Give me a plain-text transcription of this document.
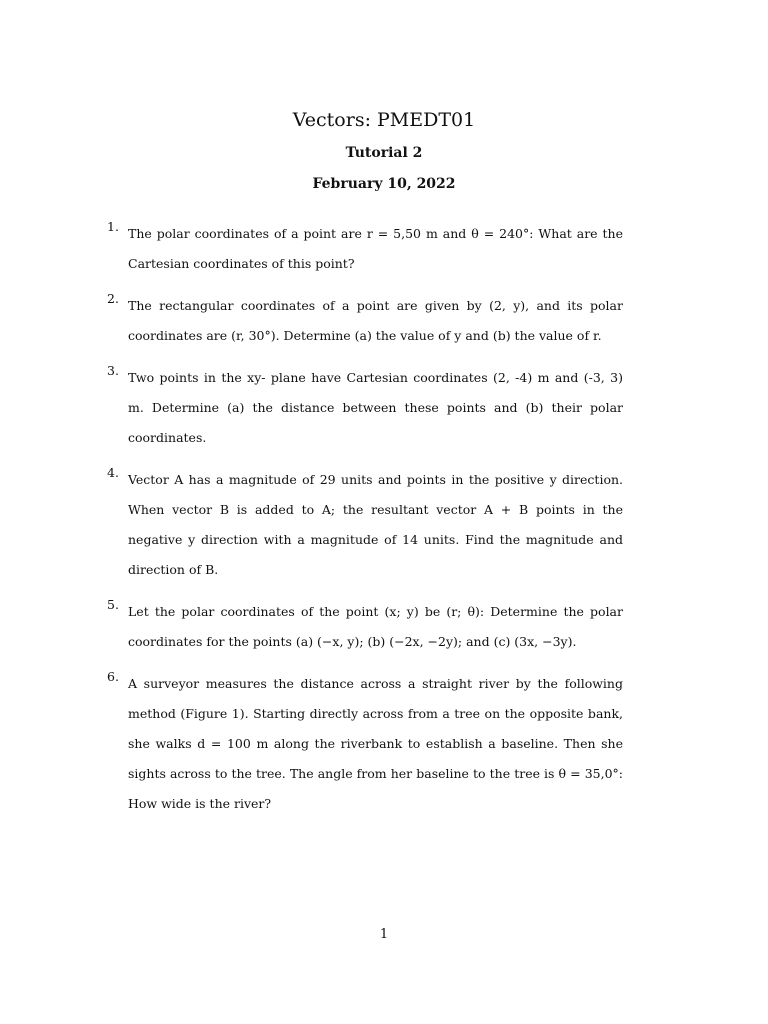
Vectors: PMEDT01
Tutorial 2
February 10, 2022
1. The polar coordinates of a point are r = 5,50 m and θ = 240°: What are the Cartesian coordinates of this point?
2. The rectangular coordinates of a point are given by (2, y), and its polar coordinates are (r, 30°). Determine (a) the value of y and (b) the value of r.
3. Two points in the xy- plane have Cartesian coordinates (2, -4) m and (-3, 3) m. Determine (a) the distance between these points and (b) their polar coordinates.
4. Vector A has a magnitude of 29 units and points in the positive y direction. When vector B is added to A; the resultant vector A + B points in the negative y direction with a magnitude of 14 units. Find the magnitude and direction of B.
5. Let the polar coordinates of the point (x; y) be (r; θ): Determine the polar coordinates for the points (a) (−x, y); (b) (−2x, −2y); and (c) (3x, −3y).
6. A surveyor measures the distance across a straight river by the following method (Figure 1). Starting directly across from a tree on the opposite bank, she walks d = 100 m along the riverbank to establish a baseline. Then she sights across to the tree. The angle from her baseline to the tree is θ = 35,0°: How wide is the river?
1
